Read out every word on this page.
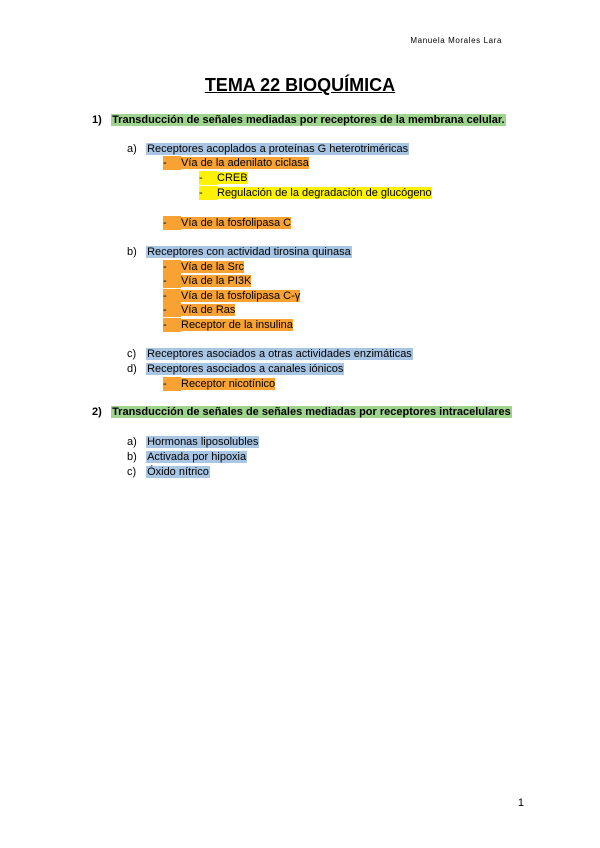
Manuela Morales Lara
TEMA 22 BIOQUÍMICA
1) Transducción de señales mediadas por receptores de la membrana celular.
a) Receptores acoplados a proteínas G heterotriméricas
- Vía de la adenilato ciclasa
- CREB
- Regulación de la degradación de glucógeno
- Vía de la fosfolipasa C
b) Receptores con actividad tirosina quinasa
- Vía de la Src
- Vía de la PI3K
- Vía de la fosfolipasa C-γ
- Vía de Ras
- Receptor de la insulina
c) Receptores asociados a otras actividades enzimáticas
d) Receptores asociados a canales iónicos
- Receptor nicotínico
2) Transducción de señales de señales mediadas por receptores intracelulares
a) Hormonas liposolubles
b) Activada por hipoxia
c) Óxido nítrico
1
